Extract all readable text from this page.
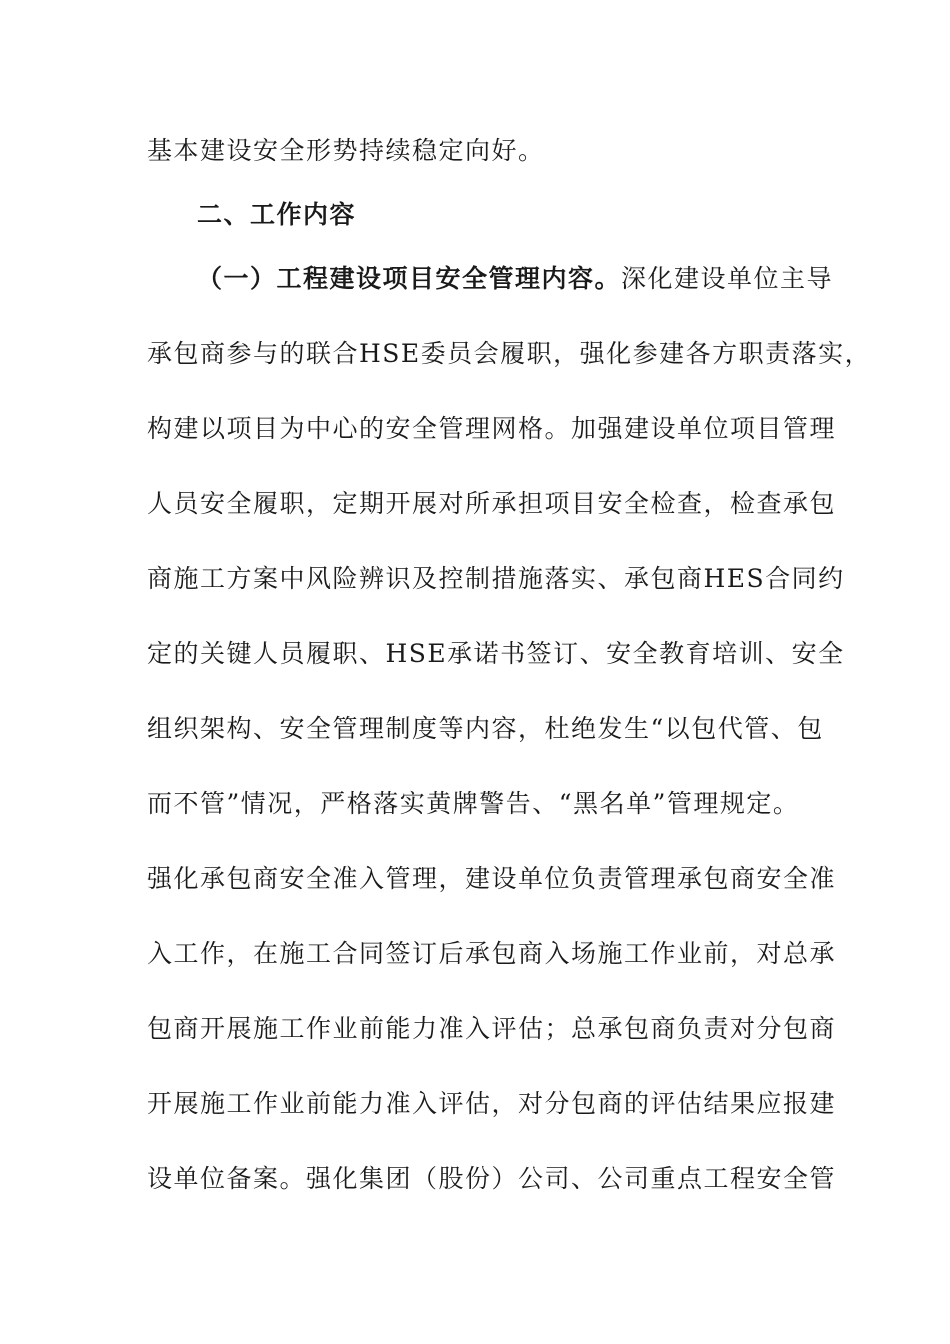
基本建设安全形势持续稳定向好。
二、工作内容
（一）工程建设项目安全管理内容。深化建设单位主导
承包商参与的联合HSE委员会履职，强化参建各方职责落实，
构建以项目为中心的安全管理网格。加强建设单位项目管理
人员安全履职，定期开展对所承担项目安全检查，检查承包
商施工方案中风险辨识及控制措施落实、承包商HES合同约
定的关键人员履职、HSE承诺书签订、安全教育培训、安全
组织架构、安全管理制度等内容，杜绝发生“以包代管、包
而不管”情况，严格落实黄牌警告、“黑名单”管理规定。
强化承包商安全准入管理，建设单位负责管理承包商安全准
入工作，在施工合同签订后承包商入场施工作业前，对总承
包商开展施工作业前能力准入评估；总承包商负责对分包商
开展施工作业前能力准入评估，对分包商的评估结果应报建
设单位备案。强化集团（股份）公司、公司重点工程安全管
